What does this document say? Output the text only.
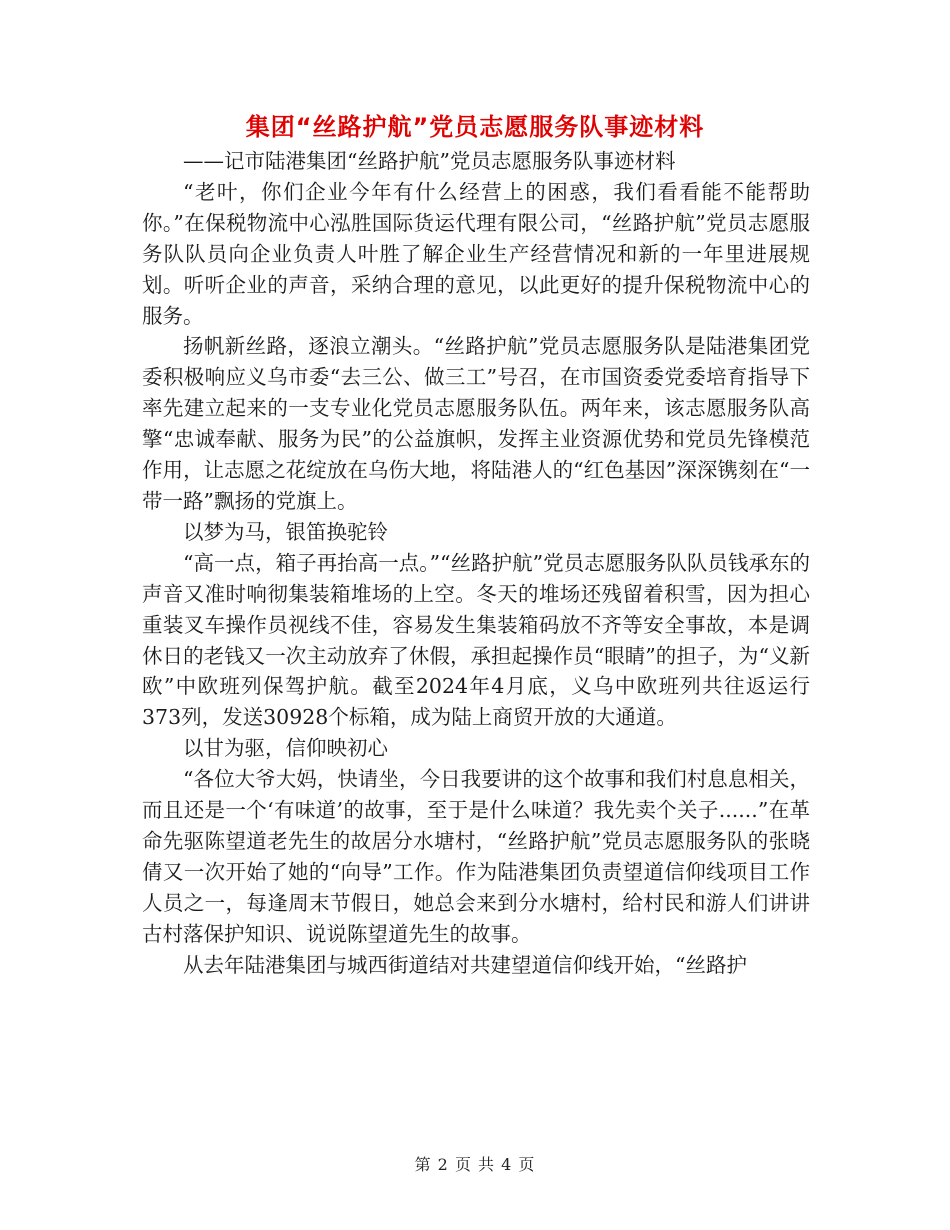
集团“丝路护航”党员志愿服务队事迹材料

——记市陆港集团“丝路护航”党员志愿服务队事迹材料

“老叶，你们企业今年有什么经营上的困惑，我们看看能不能帮助你。”在保税物流中心泓胜国际货运代理有限公司，“丝路护航”党员志愿服务队队员向企业负责人叶胜了解企业生产经营情况和新的一年里进展规划。听听企业的声音，采纳合理的意见，以此更好的提升保税物流中心的服务。

扬帆新丝路，逐浪立潮头。“丝路护航”党员志愿服务队是陆港集团党委积极响应义乌市委“去三公、做三工”号召，在市国资委党委培育指导下率先建立起来的一支专业化党员志愿服务队伍。两年来，该志愿服务队高擎“忠诚奉献、服务为民”的公益旗帜，发挥主业资源优势和党员先锋模范作用，让志愿之花绽放在乌伤大地，将陆港人的“红色基因”深深镌刻在“一带一路”飘扬的党旗上。

以梦为马，银笛换驼铃

“高一点，箱子再抬高一点。”“丝路护航”党员志愿服务队队员钱承东的声音又准时响彻集装箱堆场的上空。冬天的堆场还残留着积雪，因为担心重装叉车操作员视线不佳，容易发生集装箱码放不齐等安全事故，本是调休日的老钱又一次主动放弃了休假，承担起操作员“眼睛”的担子，为“义新欧”中欧班列保驾护航。截至2024年4月底，义乌中欧班列共往返运行373列，发送30928个标箱，成为陆上商贸开放的大通道。

以甘为驱，信仰映初心

“各位大爷大妈，快请坐，今日我要讲的这个故事和我们村息息相关，而且还是一个‘有味道’的故事，至于是什么味道？我先卖个关子......”在革命先驱陈望道老先生的故居分水塘村，“丝路护航”党员志愿服务队的张晓倩又一次开始了她的“向导”工作。作为陆港集团负责望道信仰线项目工作人员之一，每逢周末节假日，她总会来到分水塘村，给村民和游人们讲讲古村落保护知识、说说陈望道先生的故事。

从去年陆港集团与城西街道结对共建望道信仰线开始，“丝路护

第 2 页 共 4 页
